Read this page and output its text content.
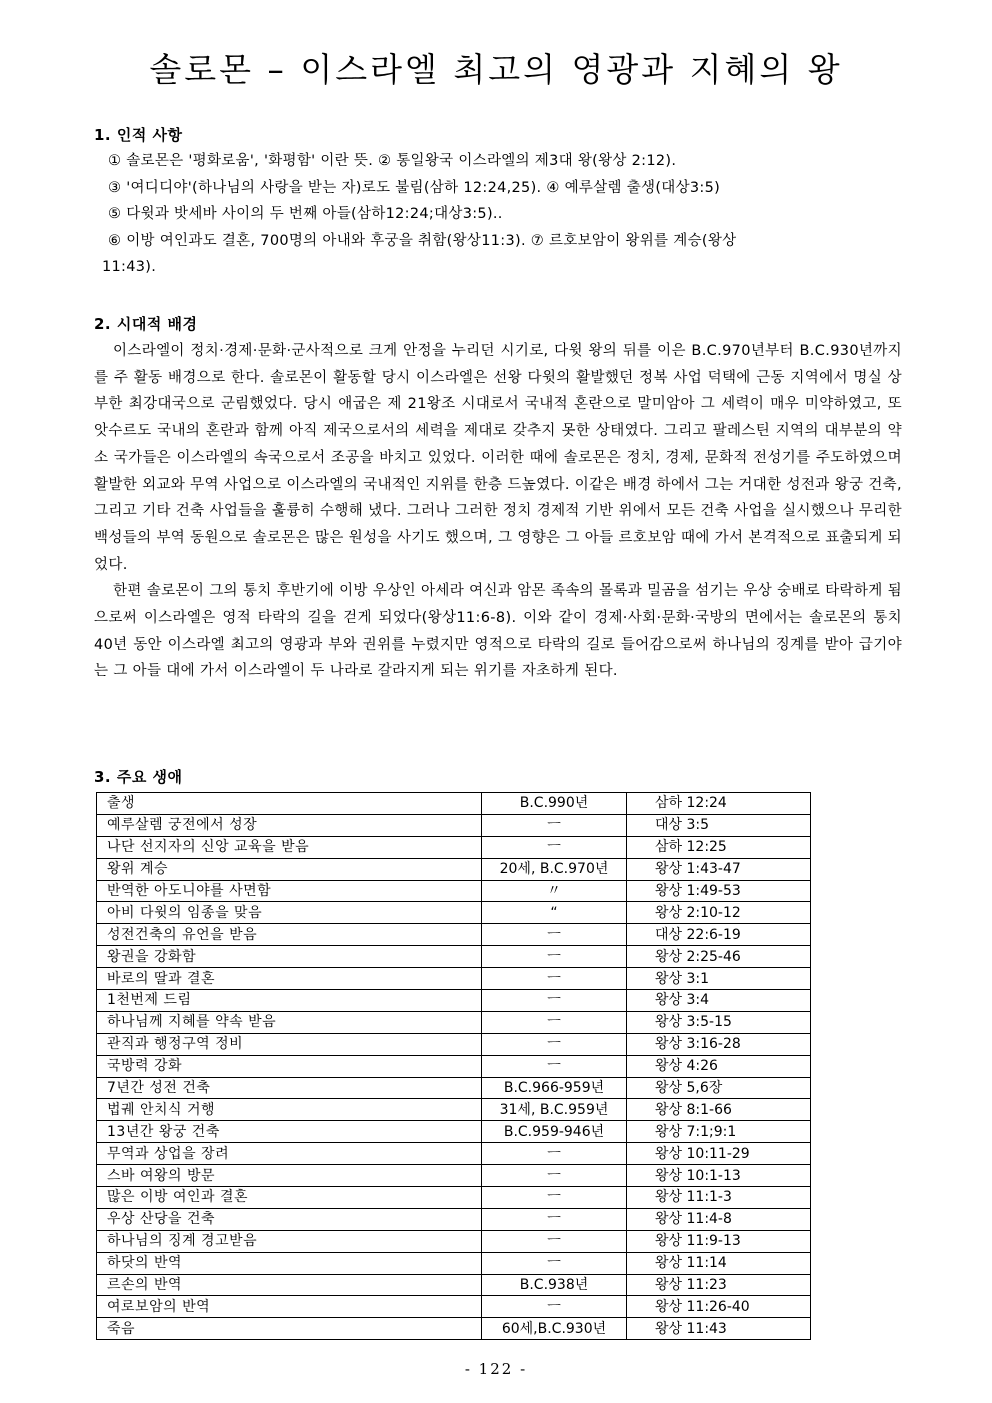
솔로몬 – 이스라엘 최고의 영광과 지혜의 왕

1. 인적 사항

① 솔로몬은 '평화로움', '화평함' 이란 뜻. ② 통일왕국 이스라엘의 제3대 왕(왕상 2:12).
③ '여디디야'(하나님의 사랑을 받는 자)로도 불림(삼하 12:24,25). ④ 예루살렘 출생(대상3:5)
⑤ 다윗과 밧세바 사이의 두 번째 아들(삼하12:24;대상3:5)..
⑥ 이방 여인과도 결혼, 700명의 아내와 후궁을 취함(왕상11:3). ⑦ 르호보암이 왕위를 계승(왕상
11:43).

2. 시대적 배경

이스라엘이 정치·경제·문화·군사적으로 크게 안정을 누리던 시기로, 다윗 왕의 뒤를 이은 B.C.970년부터 B.C.930년까지를 주 활동 배경으로 한다. 솔로몬이 활동할 당시 이스라엘은 선왕 다윗의 활발했던 정복 사업 덕택에 근동 지역에서 명실 상부한 최강대국으로 군림했었다. 당시 애굽은 제 21왕조 시대로서 국내적 혼란으로 말미암아 그 세력이 매우 미약하였고, 또 앗수르도 국내의 혼란과 함께 아직 제국으로서의 세력을 제대로 갖추지 못한 상태였다. 그리고 팔레스틴 지역의 대부분의 약소 국가들은 이스라엘의 속국으로서 조공을 바치고 있었다. 이러한 때에 솔로몬은 정치, 경제, 문화적 전성기를 주도하였으며 활발한 외교와 무역 사업으로 이스라엘의 국내적인 지위를 한층 드높였다. 이같은 배경 하에서 그는 거대한 성전과 왕궁 건축, 그리고 기타 건축 사업들을 훌륭히 수행해 냈다. 그러나 그러한 정치 경제적 기반 위에서 모든 건축 사업을 실시했으나 무리한 백성들의 부역 동원으로 솔로몬은 많은 원성을 사기도 했으며, 그 영향은 그 아들 르호보암 때에 가서 본격적으로 표출되게 되었다.

한편 솔로몬이 그의 통치 후반기에 이방 우상인 아세라 여신과 암몬 족속의 몰록과 밀곰을 섬기는 우상 숭배로 타락하게 됨으로써 이스라엘은 영적 타락의 길을 걷게 되었다(왕상11:6-8). 이와 같이 경제·사회·문화·국방의 면에서는 솔로몬의 통치 40년 동안 이스라엘 최고의 영광과 부와 권위를 누렸지만 영적으로 타락의 길로 들어감으로써 하나님의 징계를 받아 급기야는 그 아들 대에 가서 이스라엘이 두 나라로 갈라지게 되는 위기를 자초하게 된다.

3. 주요 생애

출생	B.C.990년	삼하 12:24
예루살렘 궁전에서 성장	ㅡ	대상 3:5
나단 선지자의 신앙 교육을 받음	ㅡ	삼하 12:25
왕위 계승	20세, B.C.970년	왕상 1:43-47
반역한 아도니야를 사면함	〃	왕상 1:49-53
아비 다윗의 임종을 맞음	“	왕상 2:10-12
성전건축의 유언을 받음	ㅡ	대상 22:6-19
왕권을 강화함	ㅡ	왕상 2:25-46
바로의 딸과 결혼	ㅡ	왕상 3:1
1천번제 드림	ㅡ	왕상 3:4
하나님께 지혜를 약속 받음	ㅡ	왕상 3:5-15
관직과 행정구역 정비	ㅡ	왕상 3:16-28
국방력 강화	ㅡ	왕상 4:26
7년간 성전 건축	B.C.966-959년	왕상 5,6장
법궤 안치식 거행	31세, B.C.959년	왕상 8:1-66
13년간 왕궁 건축	B.C.959-946년	왕상 7:1;9:1
무역과 상업을 장려	ㅡ	왕상 10:11-29
스바 여왕의 방문	ㅡ	왕상 10:1-13
많은 이방 여인과 결혼	ㅡ	왕상 11:1-3
우상 산당을 건축	ㅡ	왕상 11:4-8
하나님의 징계 경고받음	ㅡ	왕상 11:9-13
하닷의 반역	ㅡ	왕상 11:14
르손의 반역	B.C.938년	왕상 11:23
여로보암의 반역	ㅡ	왕상 11:26-40
죽음	60세,B.C.930년	왕상 11:43
- 122 -
